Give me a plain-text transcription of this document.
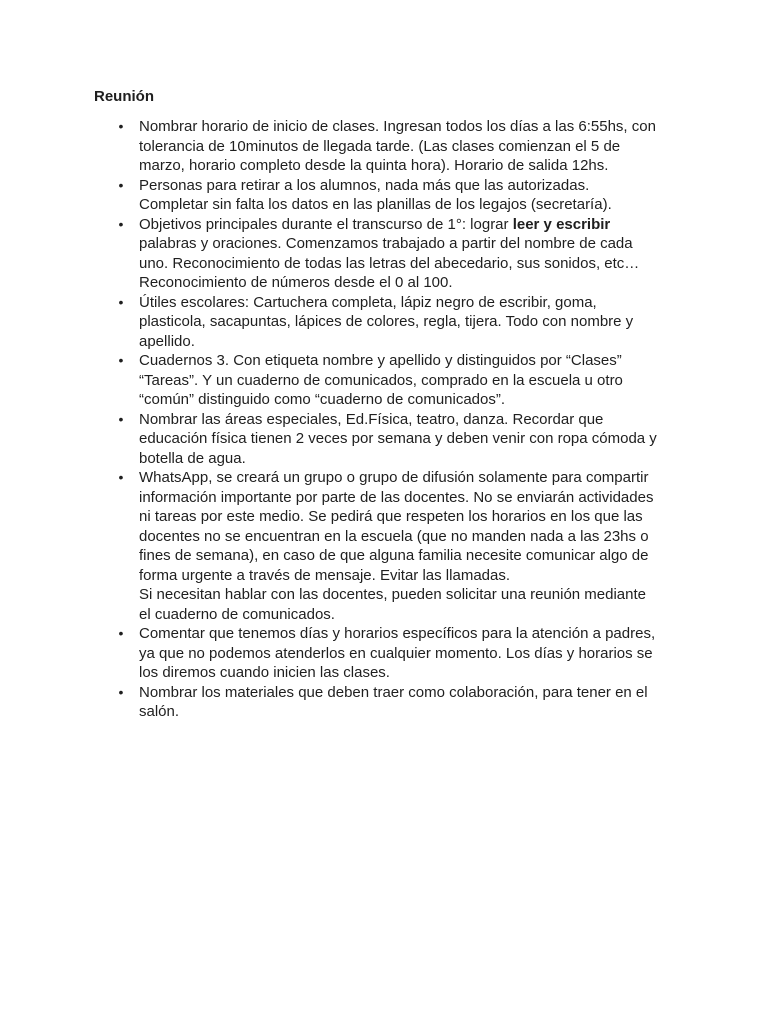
Reunión
• Nombrar horario de inicio de clases. Ingresan todos los días a las 6:55hs, con
tolerancia de 10minutos de llegada tarde. (Las clases comienzan el 5 de
marzo, horario completo desde la quinta hora). Horario de salida 12hs.
• Personas para retirar a los alumnos, nada más que las autorizadas.
Completar sin falta los datos en las planillas de los legajos (secretaría).
• Objetivos principales durante el transcurso de 1°: lograr leer y escribir
palabras y oraciones. Comenzamos trabajado a partir del nombre de cada
uno. Reconocimiento de todas las letras del abecedario, sus sonidos, etc…
Reconocimiento de números desde el 0 al 100.
• Útiles escolares: Cartuchera completa, lápiz negro de escribir, goma,
plasticola, sacapuntas, lápices de colores, regla, tijera. Todo con nombre y
apellido.
• Cuadernos 3. Con etiqueta nombre y apellido y distinguidos por “Clases”
“Tareas”. Y un cuaderno de comunicados, comprado en la escuela u otro
“común” distinguido como “cuaderno de comunicados”.
• Nombrar las áreas especiales, Ed.Física, teatro, danza. Recordar que
educación física tienen 2 veces por semana y deben venir con ropa cómoda y
botella de agua.
• WhatsApp, se creará un grupo o grupo de difusión solamente para compartir
información importante por parte de las docentes. No se enviarán actividades
ni tareas por este medio. Se pedirá que respeten los horarios en los que las
docentes no se encuentran en la escuela (que no manden nada a las 23hs o
fines de semana), en caso de que alguna familia necesite comunicar algo de
forma urgente a través de mensaje. Evitar las llamadas.
Si necesitan hablar con las docentes, pueden solicitar una reunión mediante
el cuaderno de comunicados.
• Comentar que tenemos días y horarios específicos para la atención a padres,
ya que no podemos atenderlos en cualquier momento. Los días y horarios se
los diremos cuando inicien las clases.
• Nombrar los materiales que deben traer como colaboración, para tener en el
salón.
